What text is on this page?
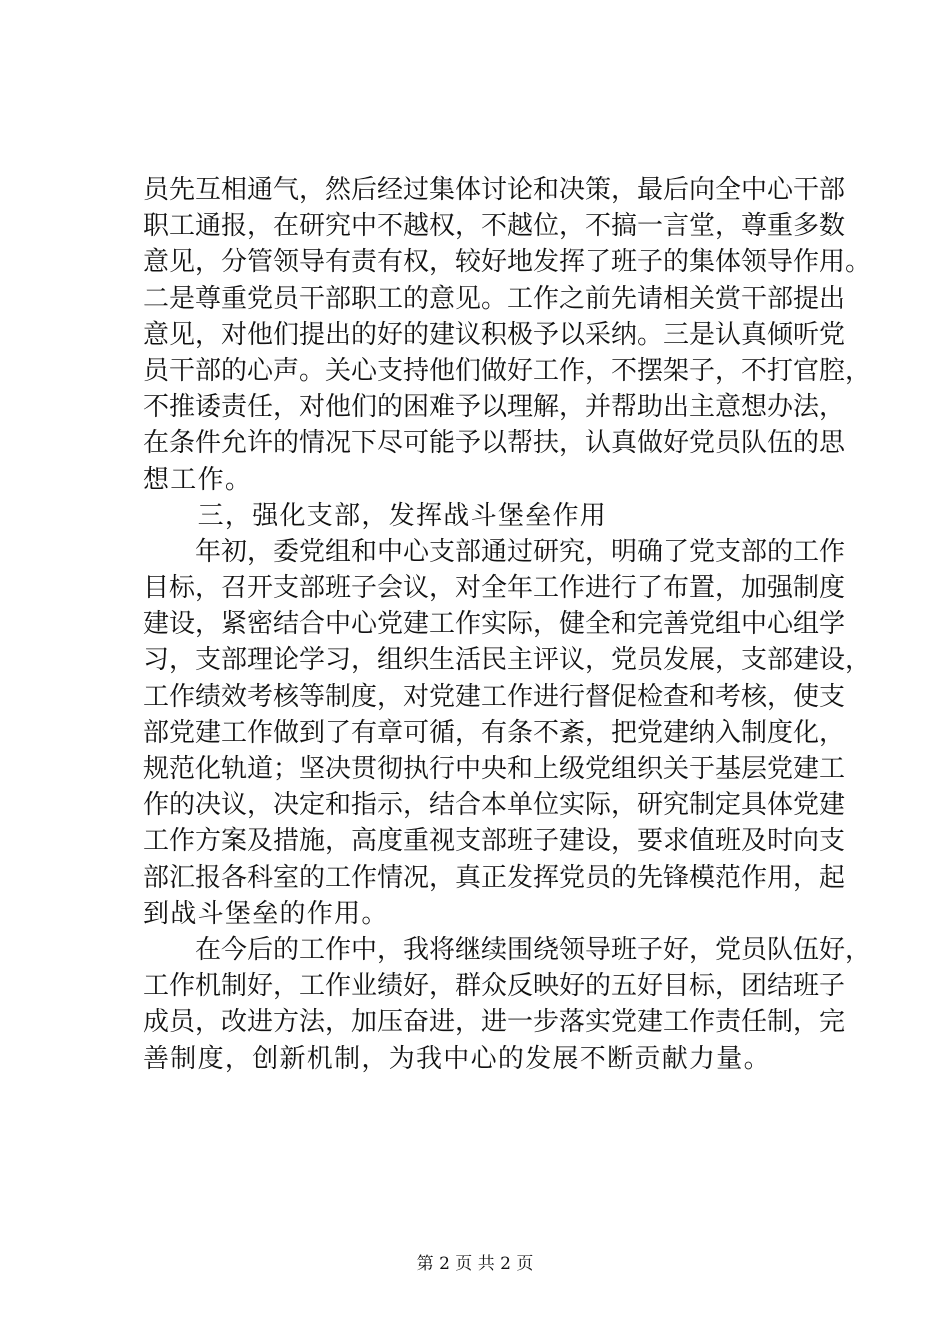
员先互相通气，然后经过集体讨论和决策，最后向全中心干部
职工通报，在研究中不越权，不越位，不搞一言堂，尊重多数
意见，分管领导有责有权，较好地发挥了班子的集体领导作用。
二是尊重党员干部职工的意见。工作之前先请相关赏干部提出
意见，对他们提出的好的建议积极予以采纳。三是认真倾听党
员干部的心声。关心支持他们做好工作，不摆架子，不打官腔，
不推诿责任，对他们的困难予以理解，并帮助出主意想办法，
在条件允许的情况下尽可能予以帮扶，认真做好党员队伍的思
想工作。
　　三，强化支部，发挥战斗堡垒作用
　　年初，委党组和中心支部通过研究，明确了党支部的工作
目标，召开支部班子会议，对全年工作进行了布置，加强制度
建设，紧密结合中心党建工作实际，健全和完善党组中心组学
习，支部理论学习，组织生活民主评议，党员发展，支部建设，
工作绩效考核等制度，对党建工作进行督促检查和考核，使支
部党建工作做到了有章可循，有条不紊，把党建纳入制度化，
规范化轨道；坚决贯彻执行中央和上级党组织关于基层党建工
作的决议，决定和指示，结合本单位实际，研究制定具体党建
工作方案及措施，高度重视支部班子建设，要求值班及时向支
部汇报各科室的工作情况，真正发挥党员的先锋模范作用，起
到战斗堡垒的作用。
　　在今后的工作中，我将继续围绕领导班子好，党员队伍好，
工作机制好，工作业绩好，群众反映好的五好目标，团结班子
成员，改进方法，加压奋进，进一步落实党建工作责任制，完
善制度，创新机制，为我中心的发展不断贡献力量。
第 2 页 共 2 页
